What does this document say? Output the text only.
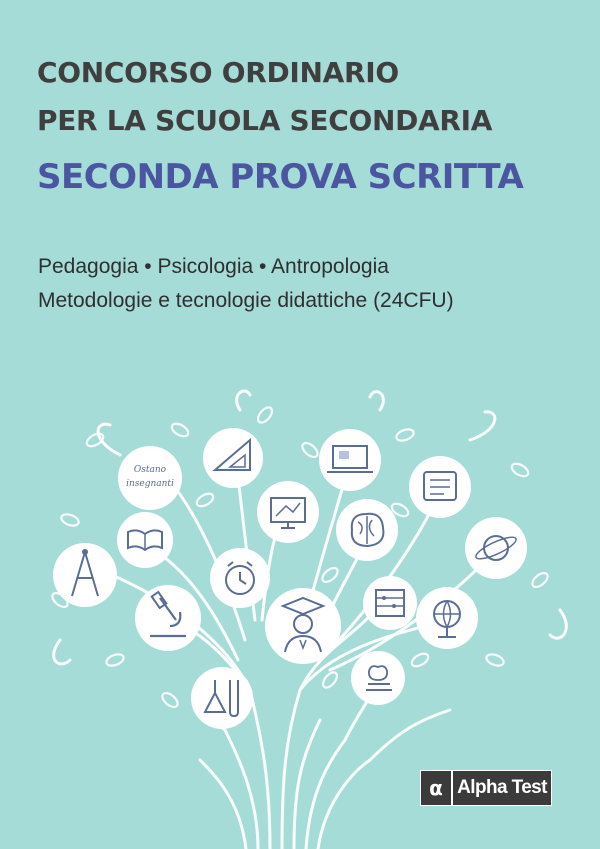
CONCORSO ORDINARIO
PER LA SCUOLA SECONDARIA
SECONDA PROVA SCRITTA
Pedagogia • Psicologia • Antropologia
Metodologie e tecnologie didattiche (24CFU)
Ostano
insegnanti
α Alpha Test
